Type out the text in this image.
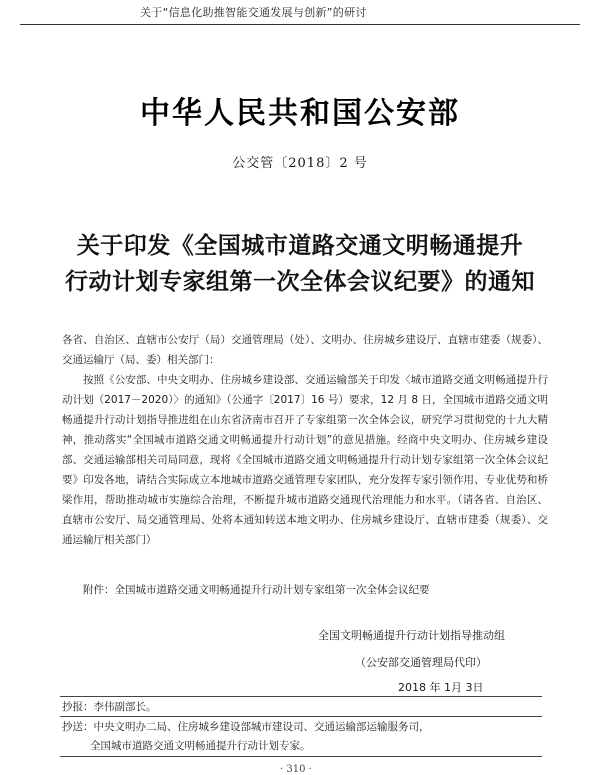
关于“信息化助推智能交通发展与创新”的研讨
中华人民共和国公安部
公交管〔2018〕2 号
关于印发《全国城市道路交通文明畅通提升
行动计划专家组第一次全体会议纪要》的通知
各省、自治区、直辖市公安厅（局）交通管理局（处）、文明办、住房城乡建设厅、直辖市建委（规委）、交通运输厅（局、委）相关部门：
按照《公安部、中央文明办、住房城乡建设部、交通运输部关于印发〈城市道路交通文明畅通提升行动计划（2017－2020）〉的通知》（公通字〔2017〕16 号）要求，12 月 8 日，全国城市道路交通文明畅通提升行动计划指导推进组在山东省济南市召开了专家组第一次全体会议，研究学习贯彻党的十九大精神，推动落实“全国城市道路交通文明畅通提升行动计划”的意见措施。经商中央文明办、住房城乡建设部、交通运输部相关司局同意，现将《全国城市道路交通文明畅通提升行动计划专家组第一次全体会议纪要》印发各地，请结合实际成立本地城市道路交通管理专家团队，充分发挥专家引领作用、专业优势和桥梁作用，帮助推动城市实施综合治理，不断提升城市道路交通现代治理能力和水平。（请各省、自治区、直辖市公安厅、局交通管理局、处将本通知转送本地文明办、住房城乡建设厅、直辖市建委（规委）、交通运输厅相关部门）
附件：全国城市道路交通文明畅通提升行动计划专家组第一次全体会议纪要
全国文明畅通提升行动计划指导推动组
（公安部交通管理局代印）
2018 年 1月 3日
抄报：李伟副部长。
抄送：中央文明办二局、住房城乡建设部城市建设司、交通运输部运输服务司，
全国城市道路交通文明畅通提升行动计划专家。
· 310 ·
